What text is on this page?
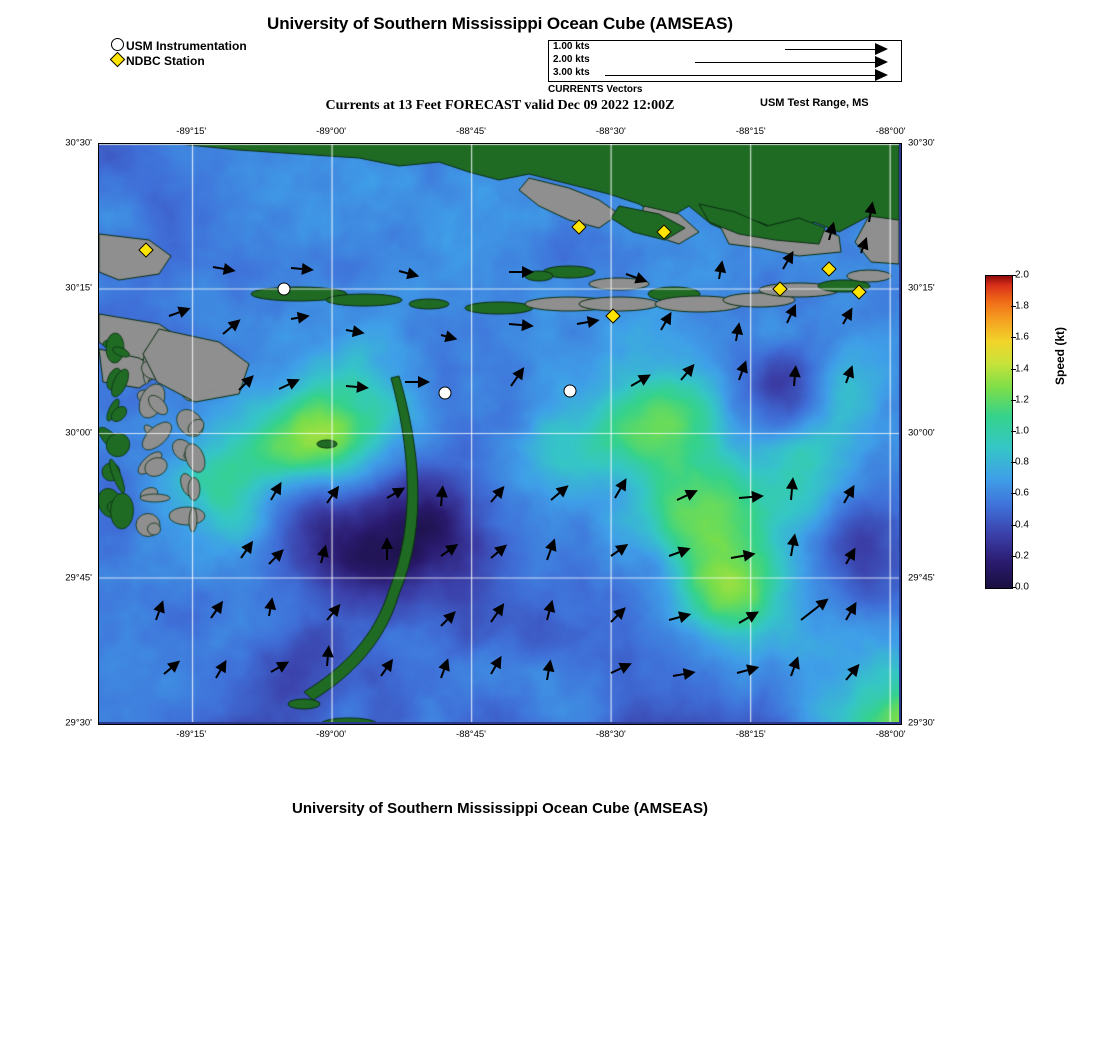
University of Southern Mississippi Ocean Cube (AMSEAS)
USM Instrumentation
NDBC Station
1.00 kts
2.00 kts
3.00 kts
CURRENTS Vectors
Currents at 13 Feet FORECAST valid Dec 09 2022 12:00Z	USM Test Range, MS
-89°15'	-89°00'	-88°45'	-88°30'	-88°15'	-88°00'
-89°15'	-89°00'	-88°45'	-88°30'	-88°15'	-88°00'
30°30'
30°15'
30°00'
29°45'
29°30'
30°30'
30°15'
30°00'
29°45'
29°30'
0.0
0.2
0.4
0.6
0.8
1.0
1.2
1.4
1.6
1.8
2.0
Speed (kt)
University of Southern Mississippi Ocean Cube (AMSEAS)
